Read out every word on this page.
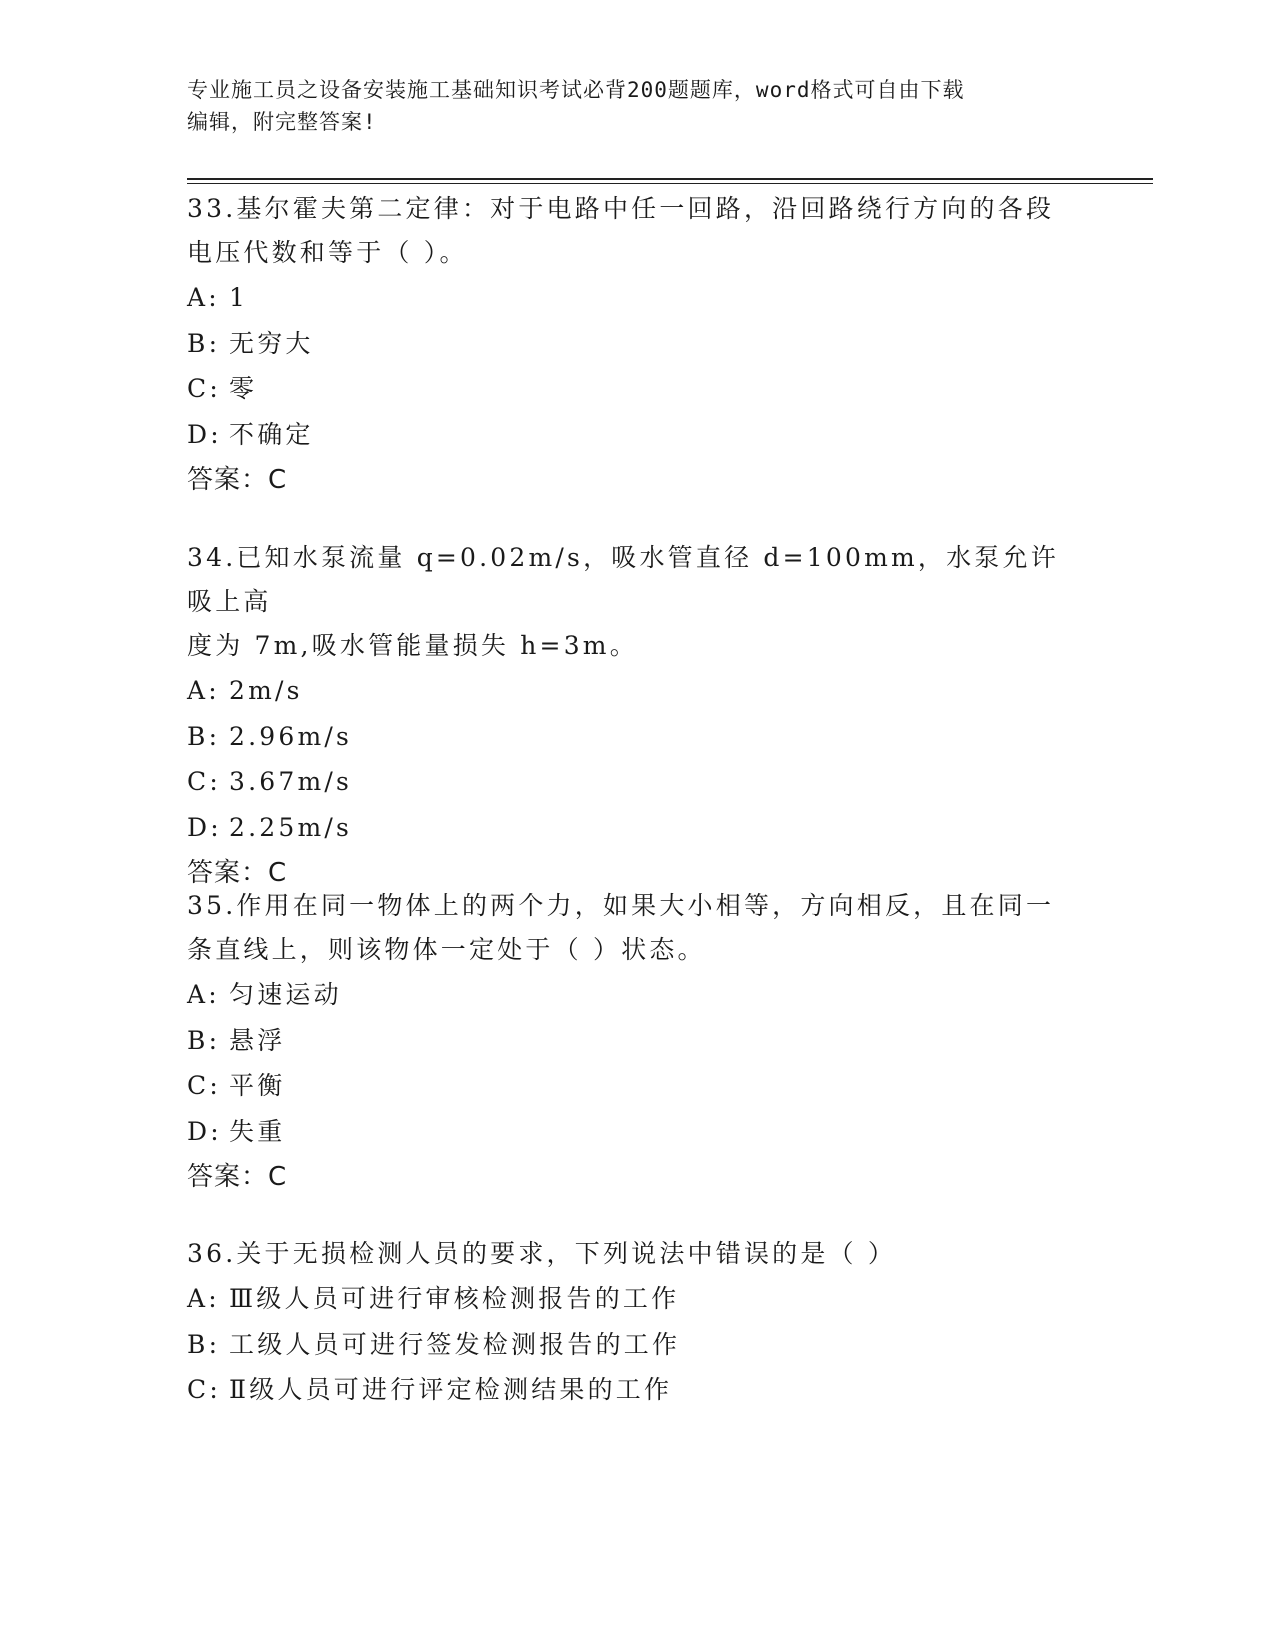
专业施工员之设备安装施工基础知识考试必背200题题库，word格式可自由下载
编辑，附完整答案!

33.基尔霍夫第二定律：对于电路中任一回路，沿回路绕行方向的各段

电压代数和等于（ ）。

A: 1

B: 无穷大

C: 零

D: 不确定

答案：C

34.已知水泵流量 q=0.02m/s，吸水管直径 d=100mm，水泵允许吸上高

度为 7m,吸水管能量损失 h=3m。

A: 2m/s

B: 2.96m/s

C: 3.67m/s

D: 2.25m/s

答案：C

35.作用在同一物体上的两个力，如果大小相等，方向相反，且在同一

条直线上，则该物体一定处于（ ）状态。

A: 匀速运动

B: 悬浮

C: 平衡

D: 失重

答案：C

36.关于无损检测人员的要求，下列说法中错误的是（ ）

A: Ⅲ级人员可进行审核检测报告的工作

B: 工级人员可进行签发检测报告的工作

C: Ⅱ级人员可进行评定检测结果的工作
